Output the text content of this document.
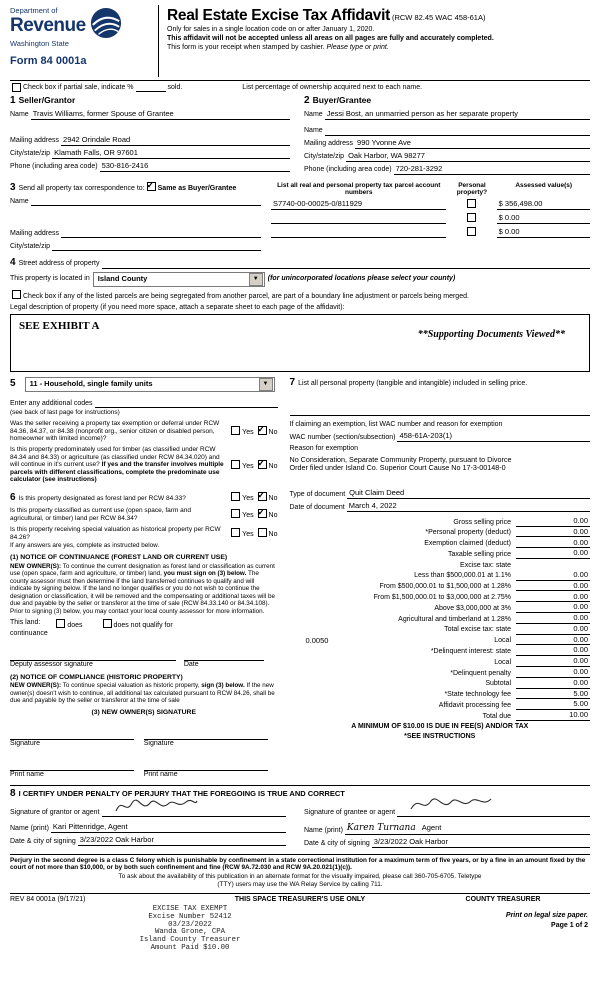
Department of
Revenue
Washington State
Form 84 0001a
Real Estate Excise Tax Affidavit (RCW 82.45 WAC 458-61A)
Only for sales in a single location code on or after January 1, 2020.
This affidavit will not be accepted unless all areas on all pages are fully and accurately completed.
This form is your receipt when stamped by cashier. Please type or print.
Check box if partial sale, indicate %	sold.	List percentage of ownership acquired next to each name.
1 Seller/Grantor
Name Travis Williams, former Spouse of Grantee
Mailing address 2942 Orindale Road
City/state/zip Klamath Falls, OR 97601
Phone (including area code) 530-816-2416
2 Buyer/Grantee
Name Jessi Bost, an unmarried person as her separate property
Name
Mailing address 990 Yvonne Ave
City/state/zip Oak Harbor, WA 98277
Phone (including area code) 720-281-3292
3 Send all property tax correspondence to: ✓ Same as Buyer/Grantee
Name
Mailing address
City/state/zip
List all real and personal property tax parcel account numbers
Personal property?
Assessed value(s)
S7740-00-00025-0/811929	$ 356,498.00
$ 0.00
$ 0.00
4 Street address of property
This property is located in	Island County	▼	(for unincorporated locations please select your county)
Check box if any of the listed parcels are being segregated from another parcel, are part of a boundary line adjustment or parcels being merged.
Legal description of property (if you need more space, attach a separate sheet to each page of the affidavit):
SEE EXHIBIT A
**Supporting Documents Viewed**
5	11 - Household, single family units	▼
Enter any additional codes
(see back of last page for instructions)
Was the seller receiving a property tax exemption or deferral under RCW 84.36, 84.37, or 84.38 (nonprofit org., senior citizen or disabled person, homeowner with limited income)?
Yes ✓ No
Is this property predominately used for timber (as classified under RCW 84.34 and 84.33) or agriculture (as classified under RCW 84.34.020) and will continue in it's current use? If yes and the transfer involves multiple parcels with different classifications, complete the predominate use calculator (see instructions)
Yes ✓ No
6 Is this property designated as forest land per RCW 84.33?	Yes ✓ No
Is this property classified as current use (open space, farm and agricultural, or timber) land per RCW 84.34?	Yes ✓ No
Is this property receiving special valuation as historical property per RCW 84.26?	Yes No
If any answers are yes, complete as instructed below.
(1) NOTICE OF CONTINUANCE (FOREST LAND OR CURRENT USE)
NEW OWNER(S): To continue the current designation as forest land or classification as current use (open space, farm and agriculture, or timber) land, you must sign on (3) below. The county assessor must then determine if the land transferred continues to qualify and will indicate by signing below. If the land no longer qualifies or you do not wish to continue the designation or classification, it will be removed and the compensating or additional taxes will be due and payable by the seller or transferor at the time of sale (RCW 84.33.140 or 84.34.108). Prior to signing (3) below, you may contact your local county assessor for more information.
This land:	does	does not qualify for
continuance
Deputy assessor signature	Date
(2) NOTICE OF COMPLIANCE (HISTORIC PROPERTY)
NEW OWNER(S): To continue special valuation as historic property, sign (3) below. If the new owner(s) doesn't wish to continue, all additional tax calculated pursuant to RCW 84.26, shall be due and payable by the seller or transferor at the time of sale
(3) NEW OWNER(S) SIGNATURE
Signature	Signature
Print name	Print name
7 List all personal property (tangible and intangible) included in selling price.
If claiming an exemption, list WAC number and reason for exemption
WAC number (section/subsection) 458-61A-203(1)
Reason for exemption
No Consideration, Separate Community Property, pursuant to Divorce
Order filed under Island Co. Superior Court Cause No 17-3-00148-0
Type of document Quit Claim Deed
Date of document March 4, 2022
Gross selling price	0.00
*Personal property (deduct)	0.00
Exemption claimed (deduct)	0.00
Taxable selling price	0.00
Excise tax: state
Less than $500,000.01 at 1.1%	0.00
From $500,000.01 to $1,500,000 at 1.28%	0.00
From $1,500,000.01 to $3,000,000 at 2.75%	0.00
Above $3,000,000 at 3%	0.00
Agricultural and timberland at 1.28%	0.00
Total excise tax: state	0.00
0.0050	Local	0.00
*Delinquent interest: state	0.00
Local	0.00
*Delinquent penalty	0.00
Subtotal	0.00
*State technology fee	5.00
Affidavit processing fee	5.00
Total due	10.00
A MINIMUM OF $10.00 IS DUE IN FEE(S) AND/OR TAX
*SEE INSTRUCTIONS
8 I CERTIFY UNDER PENALTY OF PERJURY THAT THE FOREGOING IS TRUE AND CORRECT
Signature of grantor or agent
Name (print) Kari Pittenridge, Agent
Date & city of signing 3/23/2022 Oak Harbor
Signature of grantee or agent
Name (print) Karen Turnana Agent
Date & city of signing 3/23/2022 Oak Harbor
Perjury in the second degree is a class C felony which is punishable by confinement in a state correctional institution for a maximum term of five years, or by a fine in an amount fixed by the court of not more than $10,000, or by both such confinement and fine (RCW 9A.72.030 and RCW 9A.20.021(1)(c)).
To ask about the availability of this publication in an alternate format for the visually impaired, please call 360-705-6705. Teletype
(TTY) users may use the WA Relay Service by calling 711.
REV 84 0001a (9/17/21)	THIS SPACE TREASURER'S USE ONLY	COUNTY TREASURER
EXCISE TAX EXEMPT
Excise Number 52412
03/23/2022
Wanda Grone, CPA
Island County Treasurer
Amount Paid $10.00
Print on legal size paper.
Page 1 of 2
